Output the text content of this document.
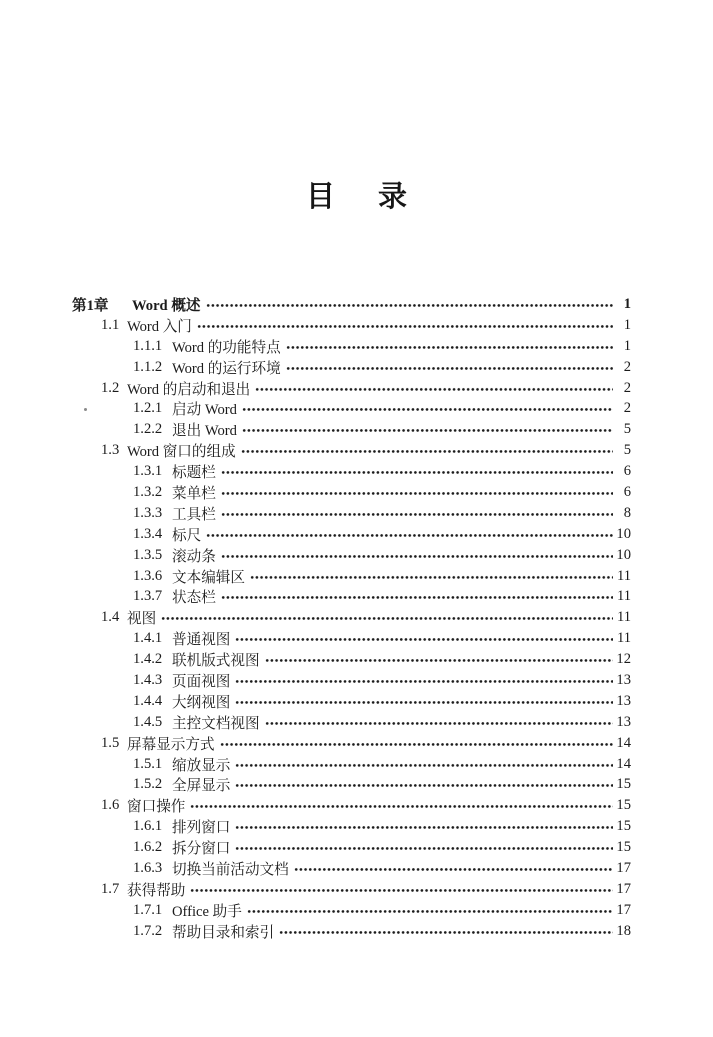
目 录
第1章	Word 概述	1
1.1 Word 入门	1
1.1.1 Word 的功能特点	1
1.1.2 Word 的运行环境	2
1.2 Word 的启动和退出	2
1.2.1 启动 Word	2
1.2.2 退出 Word	5
1.3 Word 窗口的组成	5
1.3.1 标题栏	6
1.3.2 菜单栏	6
1.3.3 工具栏	8
1.3.4 标尺	10
1.3.5 滚动条	10
1.3.6 文本编辑区	11
1.3.7 状态栏	11
1.4 视图	11
1.4.1 普通视图	11
1.4.2 联机版式视图	12
1.4.3 页面视图	13
1.4.4 大纲视图	13
1.4.5 主控文档视图	13
1.5 屏幕显示方式	14
1.5.1 缩放显示	14
1.5.2 全屏显示	15
1.6 窗口操作	15
1.6.1 排列窗口	15
1.6.2 拆分窗口	15
1.6.3 切换当前活动文档	17
1.7 获得帮助	17
1.7.1 Office 助手	17
1.7.2 帮助目录和索引	18
